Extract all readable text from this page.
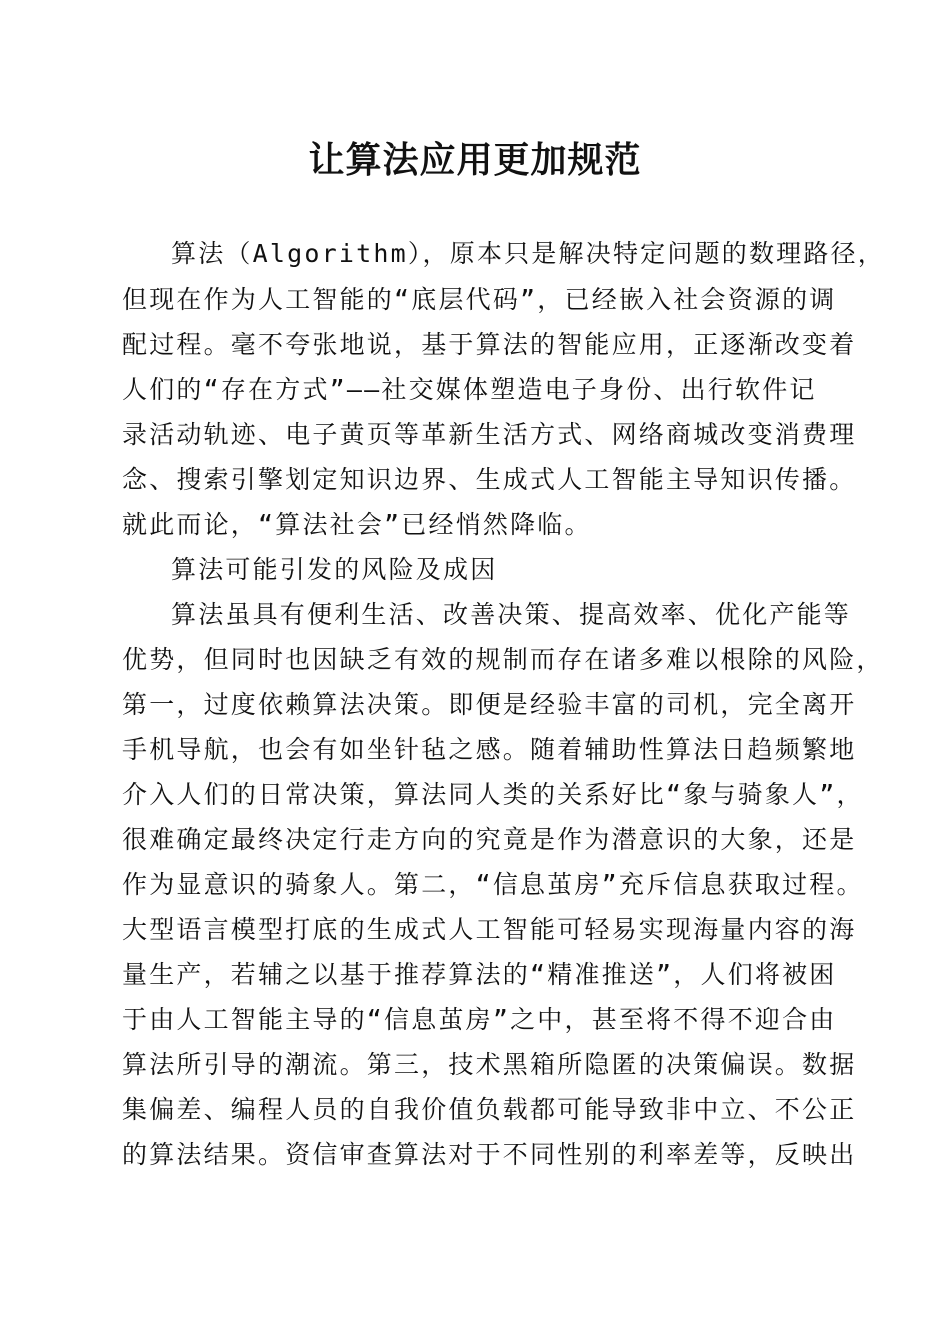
让算法应用更加规范

算法（Algorithm），原本只是解决特定问题的数理路径，

但现在作为人工智能的“底层代码”，已经嵌入社会资源的调

配过程。毫不夸张地说，基于算法的智能应用，正逐渐改变着

人们的“存在方式”——社交媒体塑造电子身份、出行软件记

录活动轨迹、电子黄页等革新生活方式、网络商城改变消费理

念、搜索引擎划定知识边界、生成式人工智能主导知识传播。

就此而论，“算法社会”已经悄然降临。

算法可能引发的风险及成因

算法虽具有便利生活、改善决策、提高效率、优化产能等

优势，但同时也因缺乏有效的规制而存在诸多难以根除的风险，

第一，过度依赖算法决策。即便是经验丰富的司机，完全离开

手机导航，也会有如坐针毡之感。随着辅助性算法日趋频繁地

介入人们的日常决策，算法同人类的关系好比“象与骑象人”，

很难确定最终决定行走方向的究竟是作为潜意识的大象，还是

作为显意识的骑象人。第二，“信息茧房”充斥信息获取过程。

大型语言模型打底的生成式人工智能可轻易实现海量内容的海

量生产，若辅之以基于推荐算法的“精准推送”，人们将被困

于由人工智能主导的“信息茧房”之中，甚至将不得不迎合由

算法所引导的潮流。第三，技术黑箱所隐匿的决策偏误。数据

集偏差、编程人员的自我价值负载都可能导致非中立、不公正

的算法结果。资信审查算法对于不同性别的利率差等，反映出
